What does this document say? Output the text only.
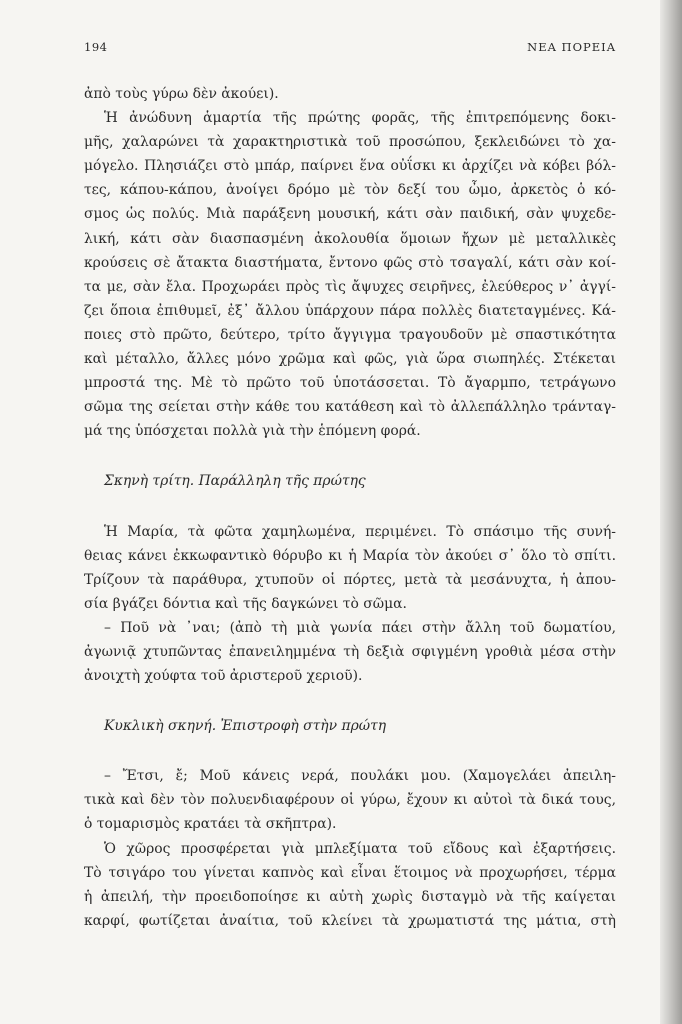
194	ΝΕΑ ΠΟΡΕΙΑ
ἀπὸ τοὺς γύρω δὲν ἀκούει).
Ἡ ἀνώδυνη ἁμαρτία τῆς πρώτης φορᾶς, τῆς ἐπιτρεπόμενης δοκι-
μῆς, χαλαρώνει τὰ χαρακτηριστικὰ τοῦ προσώπου, ξεκλειδώνει τὸ χα-
μόγελο. Πλησιάζει στὸ μπάρ, παίρνει ἕνα οὐΐσκι κι ἀρχίζει νὰ κόβει βόλ-
τες, κάπου-κάπου, ἀνοίγει δρόμο μὲ τὸν δεξί του ὦμο, ἀρκετὸς ὁ κό-
σμος ὡς πολύς. Μιὰ παράξενη μουσική, κάτι σὰν παιδική, σὰν ψυχεδε-
λική, κάτι σὰν διασπασμένη ἀκολουθία ὅμοιων ἤχων μὲ μεταλλικὲς
κρούσεις σὲ ἄτακτα διαστήματα, ἔντονο φῶς στὸ τσαγαλί, κάτι σὰν κοί-
τα με, σὰν ἔλα. Προχωράει πρὸς τὶς ἄψυχες σειρῆνες, ἐλεύθερος ν᾽ ἀγγί-
ζει ὅποια ἐπιθυμεῖ, ἐξ᾽ ἄλλου ὑπάρχουν πάρα πολλὲς διατεταγμένες. Κά-
ποιες στὸ πρῶτο, δεύτερο, τρίτο ἄγγιγμα τραγουδοῦν μὲ σπαστικότητα
καὶ μέταλλο, ἄλλες μόνο χρῶμα καὶ φῶς, γιὰ ὥρα σιωπηλές. Στέκεται
μπροστά της. Μὲ τὸ πρῶτο τοῦ ὑποτάσσεται. Τὸ ἄγαρμπο, τετράγωνο
σῶμα της σείεται στὴν κάθε του κατάθεση καὶ τὸ ἀλλεπάλληλο τράνταγ-
μά της ὑπόσχεται πολλὰ γιὰ τὴν ἑπόμενη φορά.
Σκηνὴ τρίτη. Παράλληλη τῆς πρώτης
Ἡ Μαρία, τὰ φῶτα χαμηλωμένα, περιμένει. Τὸ σπάσιμο τῆς συνή-
θειας κάνει ἐκκωφαντικὸ θόρυβο κι ἡ Μαρία τὸν ἀκούει σ᾽ ὅλο τὸ σπίτι.
Τρίζουν τὰ παράθυρα, χτυποῦν οἱ πόρτες, μετὰ τὰ μεσάνυχτα, ἡ ἀπου-
σία βγάζει δόντια καὶ τῆς δαγκώνει τὸ σῶμα.
– Ποῦ νὰ ᾽ναι; (ἀπὸ τὴ μιὰ γωνία πάει στὴν ἄλλη τοῦ δωματίου,
ἀγωνιᾷ χτυπῶντας ἐπανειλημμένα τὴ δεξιὰ σφιγμένη γροθιὰ μέσα στὴν
ἀνοιχτὴ χούφτα τοῦ ἀριστεροῦ χεριοῦ).
Κυκλικὴ σκηνή. Ἐπιστροφὴ στὴν πρώτη
– Ἔτσι, ἔ; Μοῦ κάνεις νερά, πουλάκι μου. (Χαμογελάει ἀπειλη-
τικὰ καὶ δὲν τὸν πολυενδιαφέρουν οἱ γύρω, ἔχουν κι αὐτοὶ τὰ δικά τους,
ὁ τομαρισμὸς κρατάει τὰ σκῆπτρα).
Ὁ χῶρος προσφέρεται γιὰ μπλεξίματα τοῦ εἴδους καὶ ἐξαρτήσεις.
Τὸ τσιγάρο του γίνεται καπνὸς καὶ εἶναι ἕτοιμος νὰ προχωρήσει, τέρμα
ἡ ἀπειλή, τὴν προειδοποίησε κι αὐτὴ χωρὶς δισταγμὸ νὰ τῆς καίγεται
καρφί, φωτίζεται ἀναίτια, τοῦ κλείνει τὰ χρωματιστά της μάτια, στὴ
